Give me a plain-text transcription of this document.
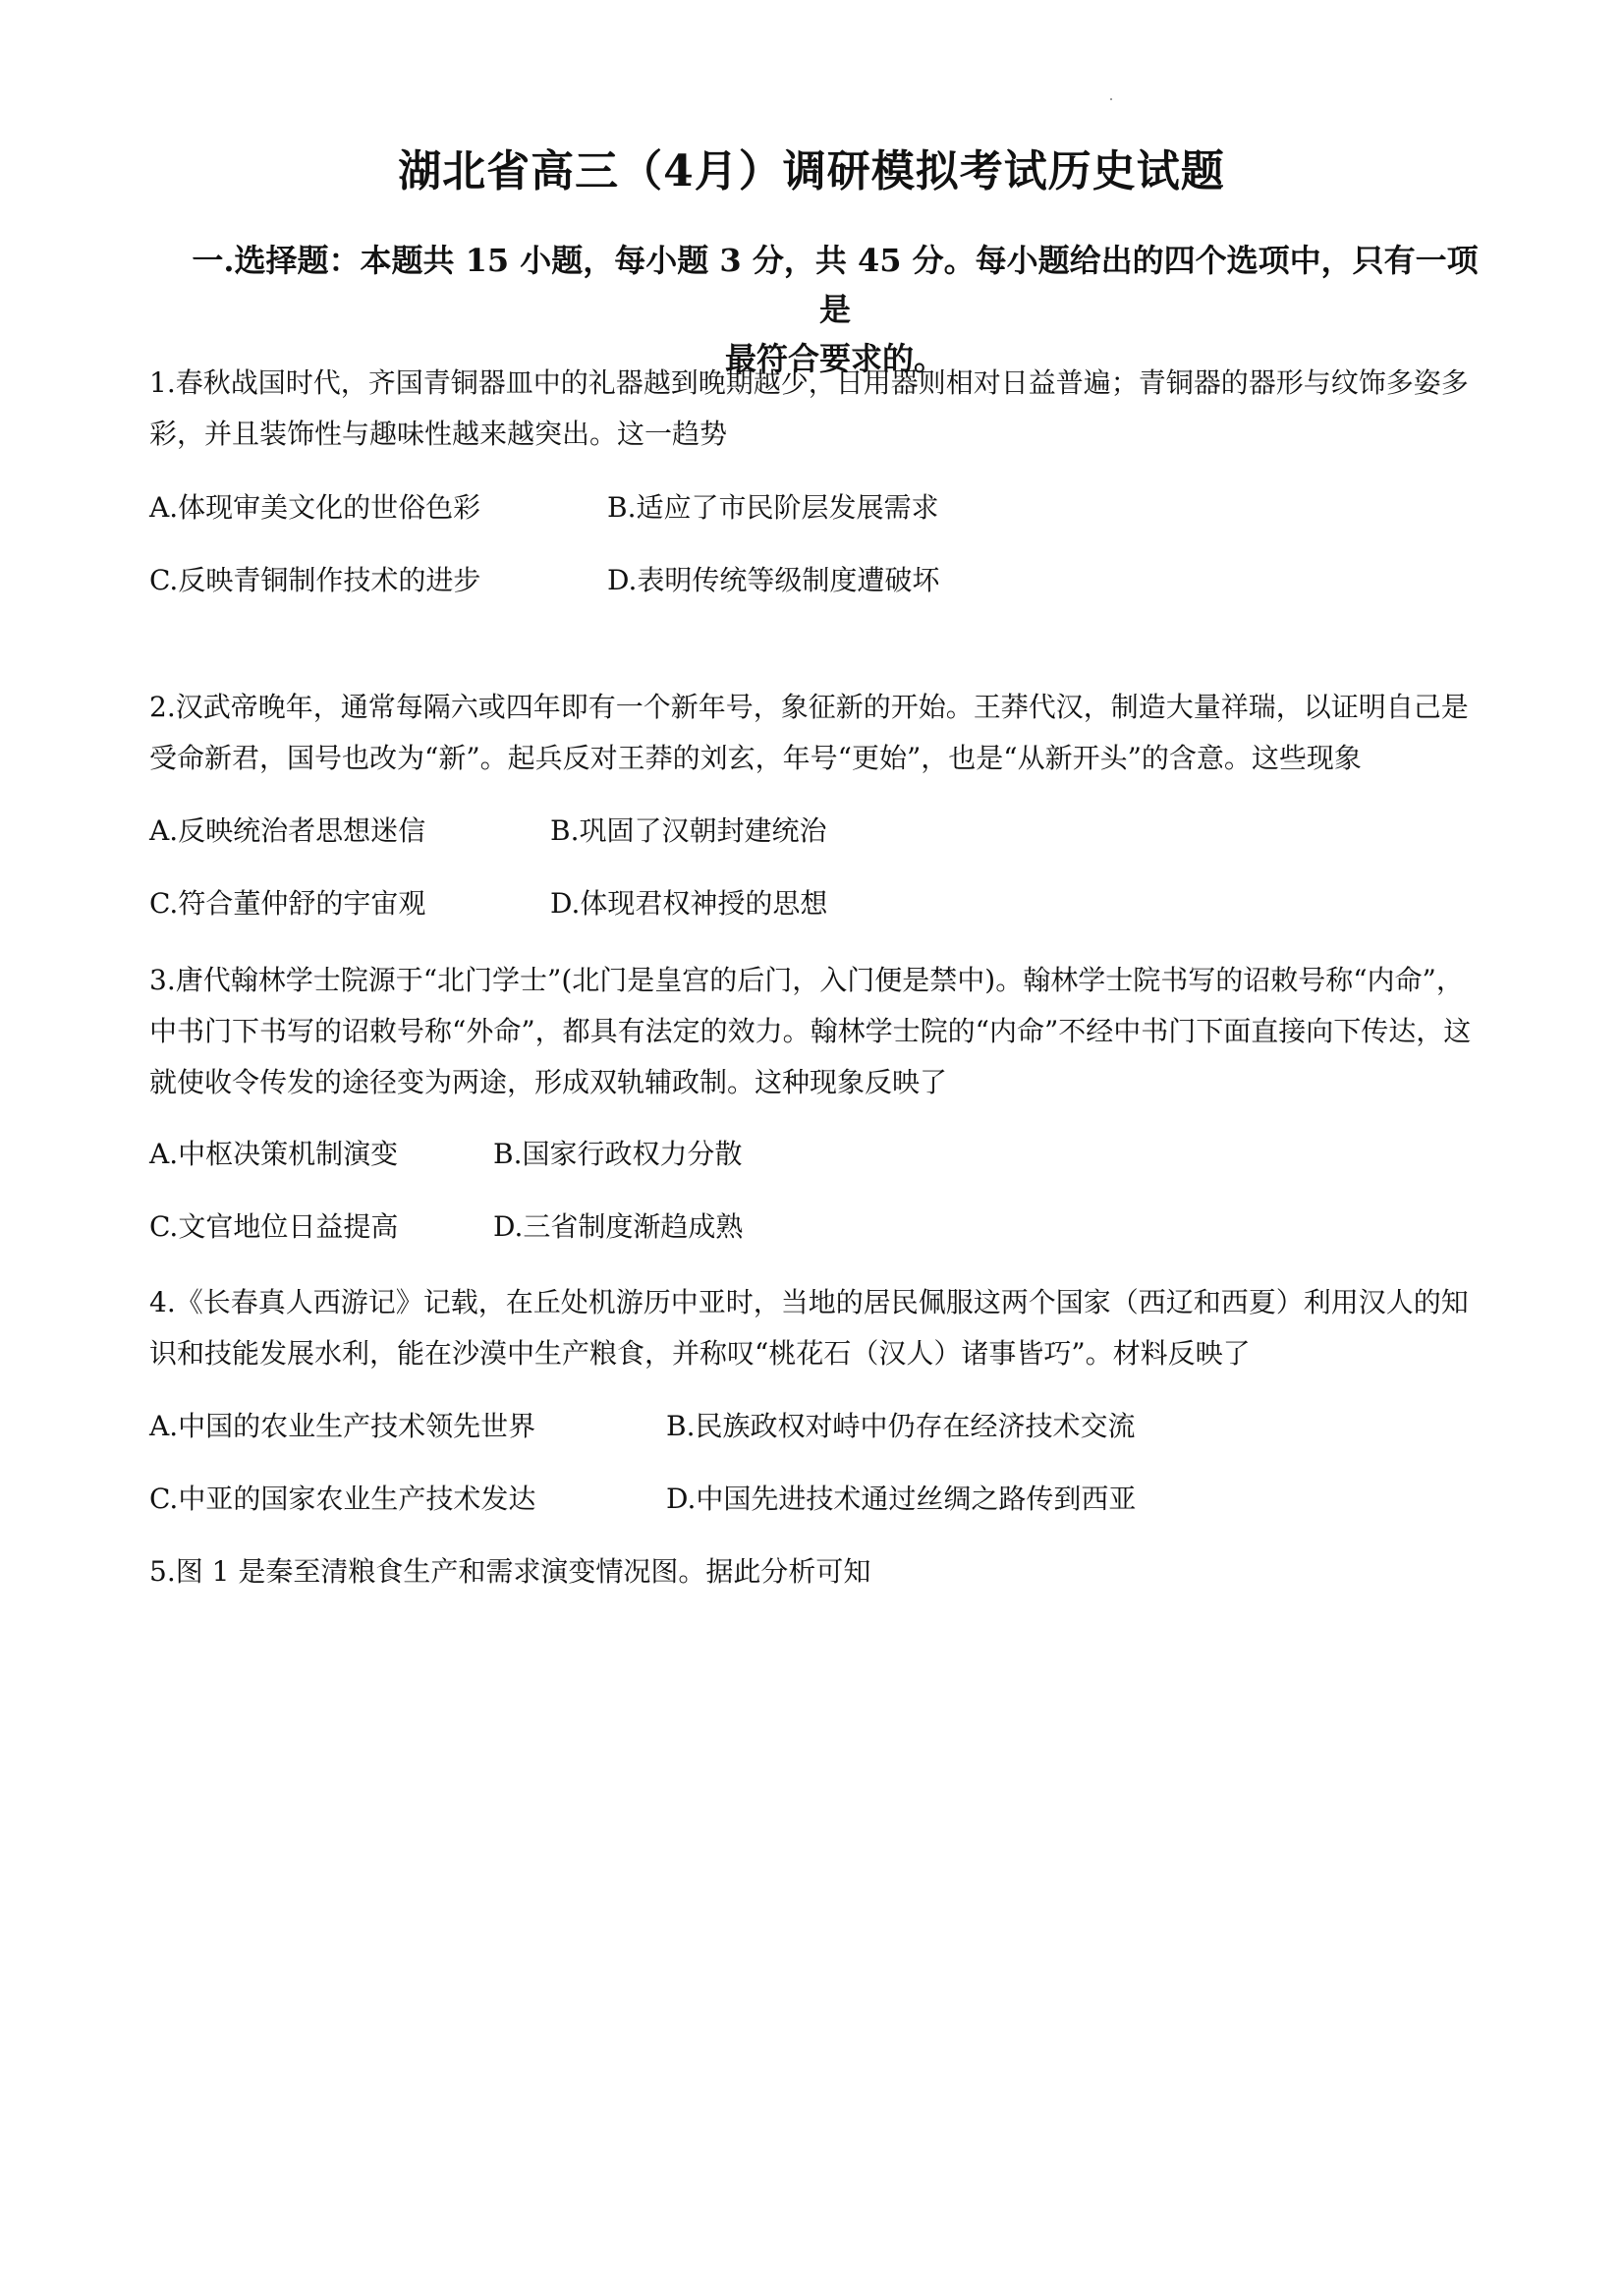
湖北省高三（4月）调研模拟考试历史试题
一.选择题：本题共 15 小题，每小题 3 分，共 45 分。每小题给出的四个选项中，只有一项是
最符合要求的。
1.春秋战国时代，齐国青铜器皿中的礼器越到晚期越少，日用器则相对日益普遍；青铜器的器形与纹饰多姿多彩，并且装饰性与趣味性越来越突出。这一趋势
A.体现审美文化的世俗色彩	B.适应了市民阶层发展需求
C.反映青铜制作技术的进步	D.表明传统等级制度遭破坏
2.汉武帝晚年，通常每隔六或四年即有一个新年号，象征新的开始。王莽代汉，制造大量祥瑞，以证明自己是受命新君，国号也改为“新”。起兵反对王莽的刘玄，年号“更始”，也是“从新开头”的含意。这些现象
A.反映统治者思想迷信	B.巩固了汉朝封建统治
C.符合董仲舒的宇宙观	D.体现君权神授的思想
3.唐代翰林学士院源于“北门学士”(北门是皇宫的后门，入门便是禁中)。翰林学士院书写的诏敕号称“内命”，中书门下书写的诏敕号称“外命”，都具有法定的效力。翰林学士院的“内命”不经中书门下面直接向下传达，这就使收令传发的途径变为两途，形成双轨辅政制。这种现象反映了
A.中枢决策机制演变	B.国家行政权力分散
C.文官地位日益提高	D.三省制度渐趋成熟
4.《长春真人西游记》记载，在丘处机游历中亚时，当地的居民佩服这两个国家（西辽和西夏）利用汉人的知识和技能发展水利，能在沙漠中生产粮食，并称叹“桃花石（汉人）诸事皆巧”。材料反映了
A.中国的农业生产技术领先世界	B.民族政权对峙中仍存在经济技术交流
C.中亚的国家农业生产技术发达	D.中国先进技术通过丝绸之路传到西亚
5.图 1 是秦至清粮食生产和需求演变情况图。据此分析可知
